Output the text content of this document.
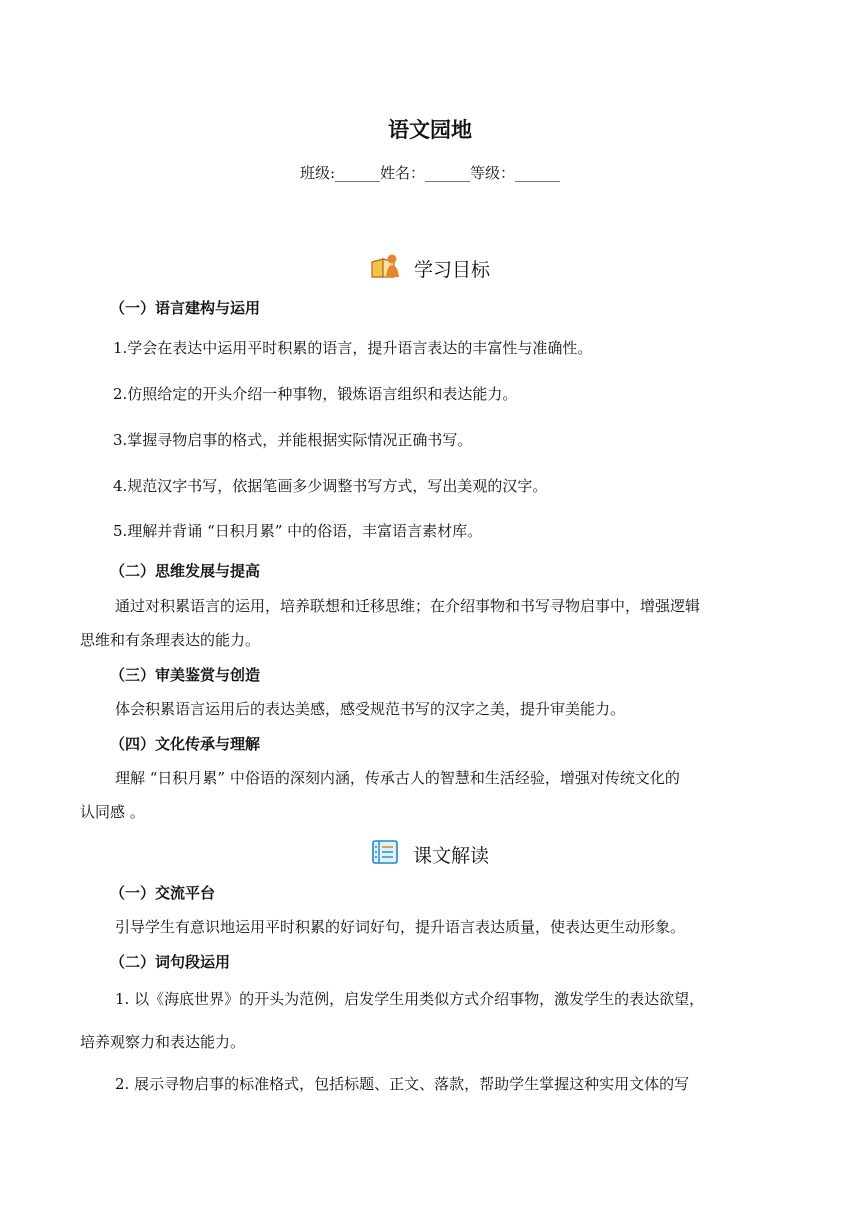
语文园地
班级:______姓名：______等级：______
学习目标
（一）语言建构与运用
1.学会在表达中运用平时积累的语言，提升语言表达的丰富性与准确性。
2.仿照给定的开头介绍一种事物，锻炼语言组织和表达能力。
3.掌握寻物启事的格式，并能根据实际情况正确书写。
4.规范汉字书写，依据笔画多少调整书写方式，写出美观的汉字。
5.理解并背诵 “日积月累” 中的俗语，丰富语言素材库。
（二）思维发展与提高
通过对积累语言的运用，培养联想和迁移思维；在介绍事物和书写寻物启事中，增强逻辑
思维和有条理表达的能力。
（三）审美鉴赏与创造
体会积累语言运用后的表达美感，感受规范书写的汉字之美，提升审美能力。
（四）文化传承与理解
理解 “日积月累” 中俗语的深刻内涵，传承古人的智慧和生活经验，增强对传统文化的
认同感 。
课文解读
（一）交流平台
引导学生有意识地运用平时积累的好词好句，提升语言表达质量，使表达更生动形象。
（二）词句段运用
1. 以《海底世界》的开头为范例，启发学生用类似方式介绍事物，激发学生的表达欲望，
培养观察力和表达能力。
2. 展示寻物启事的标准格式，包括标题、正文、落款，帮助学生掌握这种实用文体的写
